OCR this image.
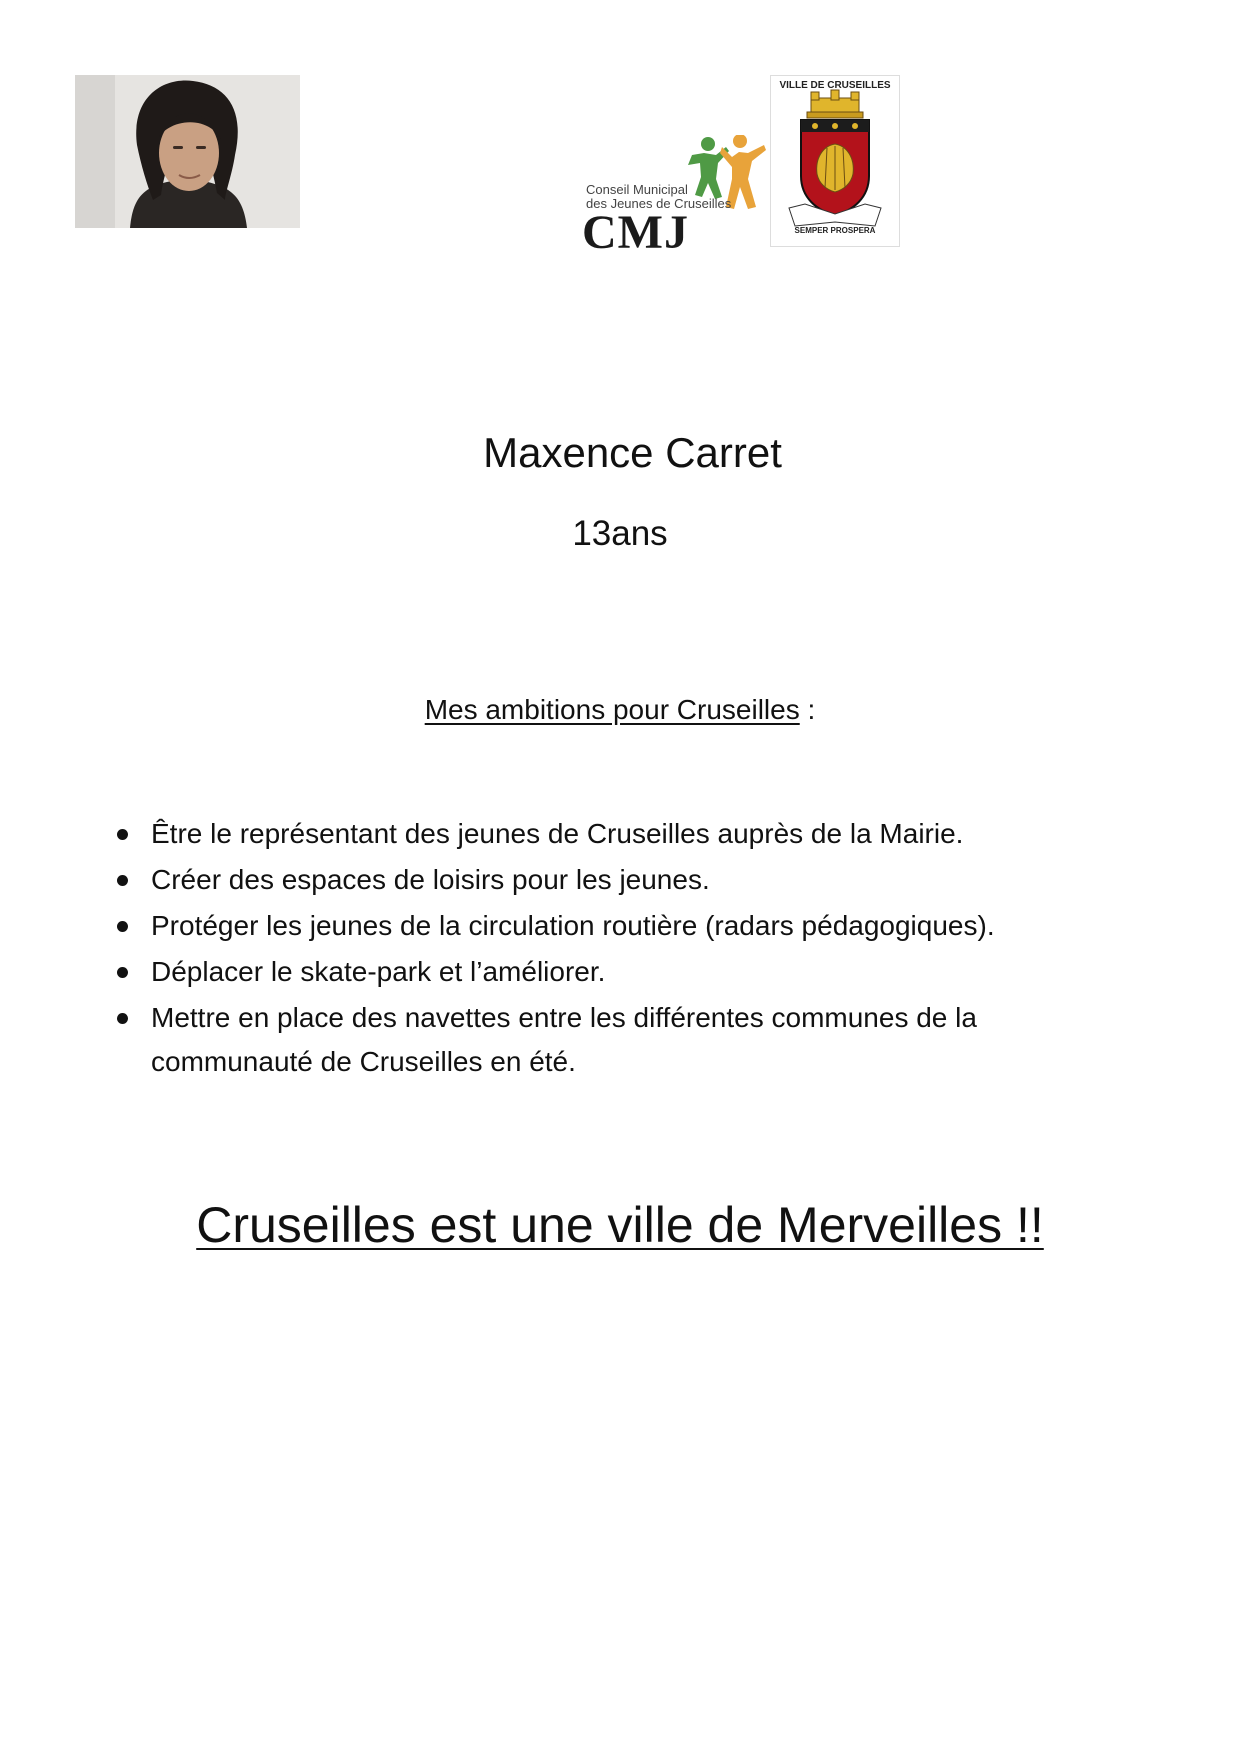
Conseil Municipal
des Jeunes de Cruseilles
CMJ
VILLE DE CRUSEILLES
SEMPER PROSPERA
Maxence Carret
13ans
Mes ambitions pour Cruseilles :
Être le représentant des jeunes de Cruseilles auprès de la Mairie.
Créer des espaces de loisirs pour les jeunes.
Protéger les jeunes de la circulation routière (radars pédagogiques).
Déplacer le skate-park et l’améliorer.
Mettre en place des navettes entre les différentes communes de la communauté de Cruseilles en été.
Cruseilles est une ville de Merveilles !!
